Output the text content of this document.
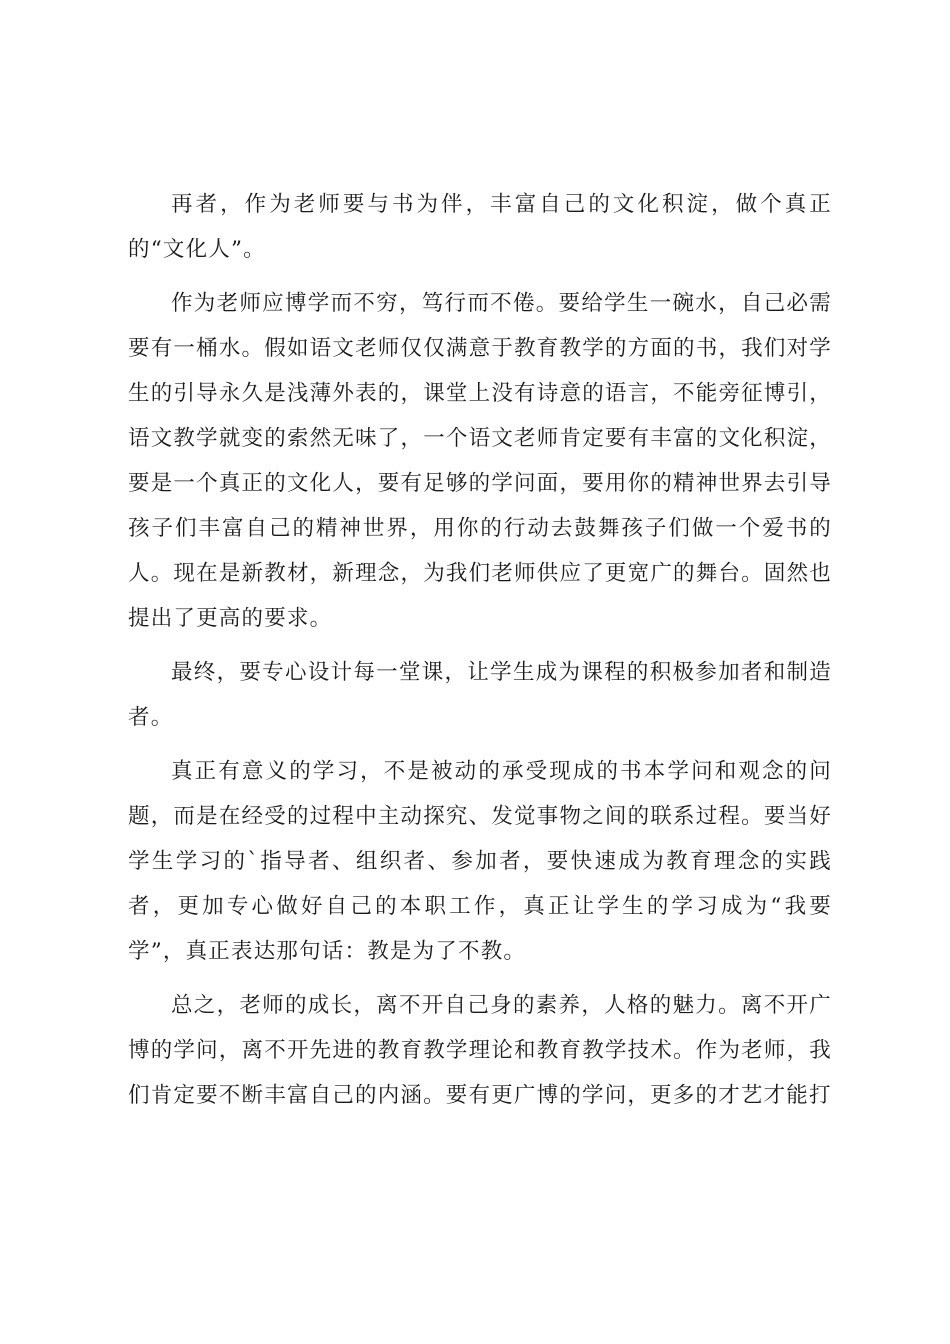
再者，作为老师要与书为伴，丰富自己的文化积淀，做个真正的“文化人”。

作为老师应博学而不穷，笃行而不倦。要给学生一碗水，自己必需要有一桶水。假如语文老师仅仅满意于教育教学的方面的书，我们对学生的引导永久是浅薄外表的，课堂上没有诗意的语言，不能旁征博引，语文教学就变的索然无味了，一个语文老师肯定要有丰富的文化积淀，要是一个真正的文化人，要有足够的学问面，要用你的精神世界去引导孩子们丰富自己的精神世界，用你的行动去鼓舞孩子们做一个爱书的人。现在是新教材，新理念，为我们老师供应了更宽广的舞台。固然也提出了更高的要求。

最终，要专心设计每一堂课，让学生成为课程的积极参加者和制造者。

真正有意义的学习，不是被动的承受现成的书本学问和观念的问题，而是在经受的过程中主动探究、发觉事物之间的联系过程。要当好学生学习的`指导者、组织者、参加者，要快速成为教育理念的实践者，更加专心做好自己的本职工作，真正让学生的学习成为“我要学”，真正表达那句话：教是为了不教。

总之，老师的成长，离不开自己身的素养，人格的魅力。离不开广博的学问，离不开先进的教育教学理论和教育教学技术。作为老师，我们肯定要不断丰富自己的内涵。要有更广博的学问，更多的才艺才能打
